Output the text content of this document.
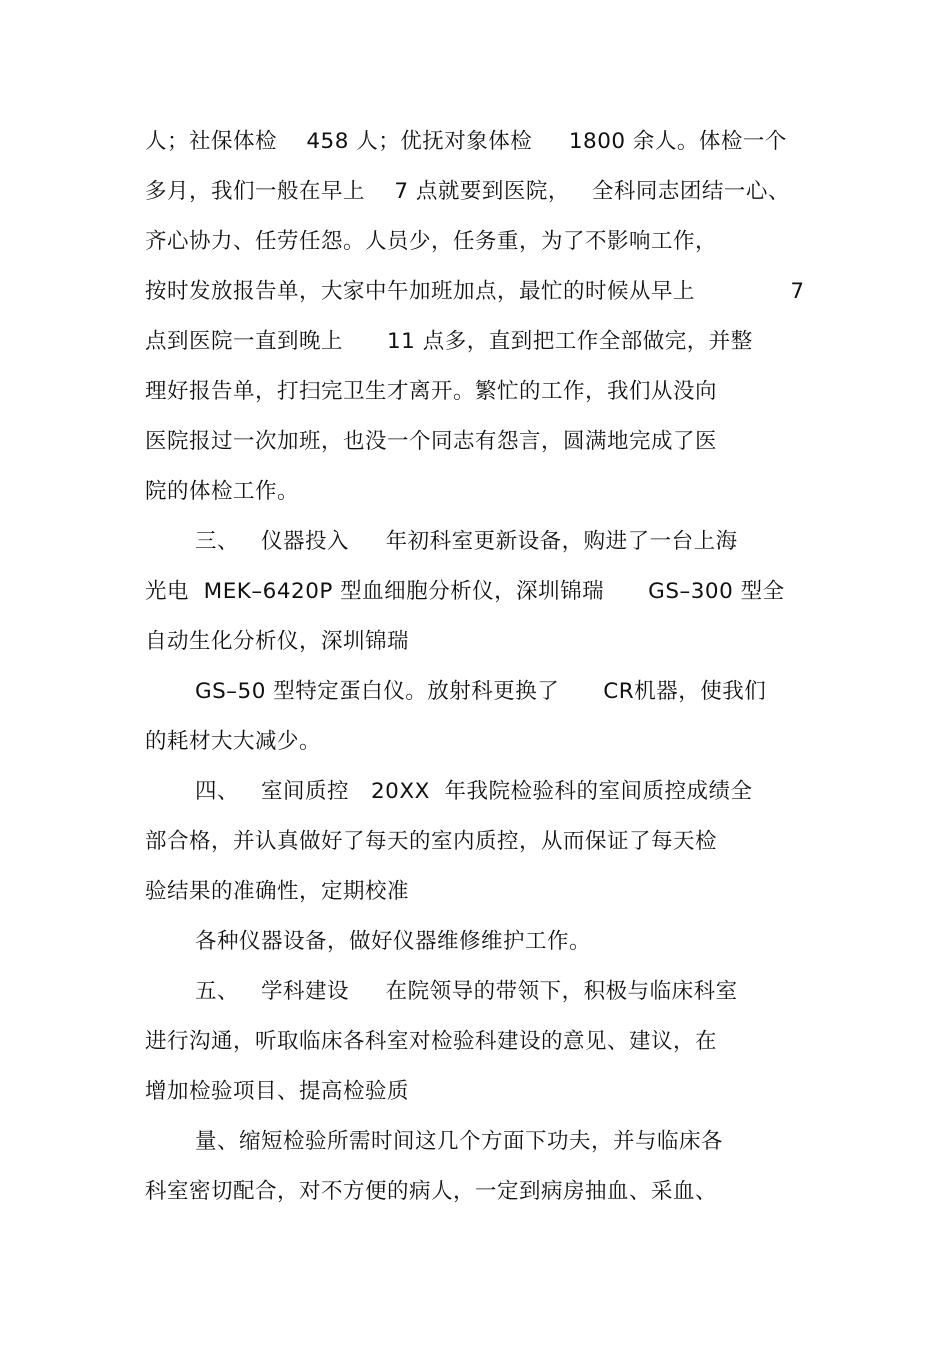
人；社保体检    458 人；优抚对象体检     1800 余人。体检一个
多月，我们一般在早上    7 点就要到医院，   全科同志团结一心、
齐心协力、任劳任怨。人员少，任务重，为了不影响工作，
按时发放报告单，大家中午加班加点，最忙的时候从早上             7
点到医院一直到晚上      11 点多，直到把工作全部做完，并整
理好报告单，打扫完卫生才离开。繁忙的工作，我们从没向
医院报过一次加班，也没一个同志有怨言，圆满地完成了医
院的体检工作。
三、   仪器投入     年初科室更新设备，购进了一台上海
光电  MEK–6420P 型血细胞分析仪，深圳锦瑞      GS–300 型全
自动生化分析仪，深圳锦瑞
GS–50 型特定蛋白仪。放射科更换了      CR机器，使我们
的耗材大大减少。
四、   室间质控   20XX  年我院检验科的室间质控成绩全
部合格，并认真做好了每天的室内质控，从而保证了每天检
验结果的准确性，定期校准
各种仪器设备，做好仪器维修维护工作。
五、   学科建设     在院领导的带领下，积极与临床科室
进行沟通，听取临床各科室对检验科建设的意见、建议，在
增加检验项目、提高检验质
量、缩短检验所需时间这几个方面下功夫，并与临床各
科室密切配合，对不方便的病人，一定到病房抽血、采血、
